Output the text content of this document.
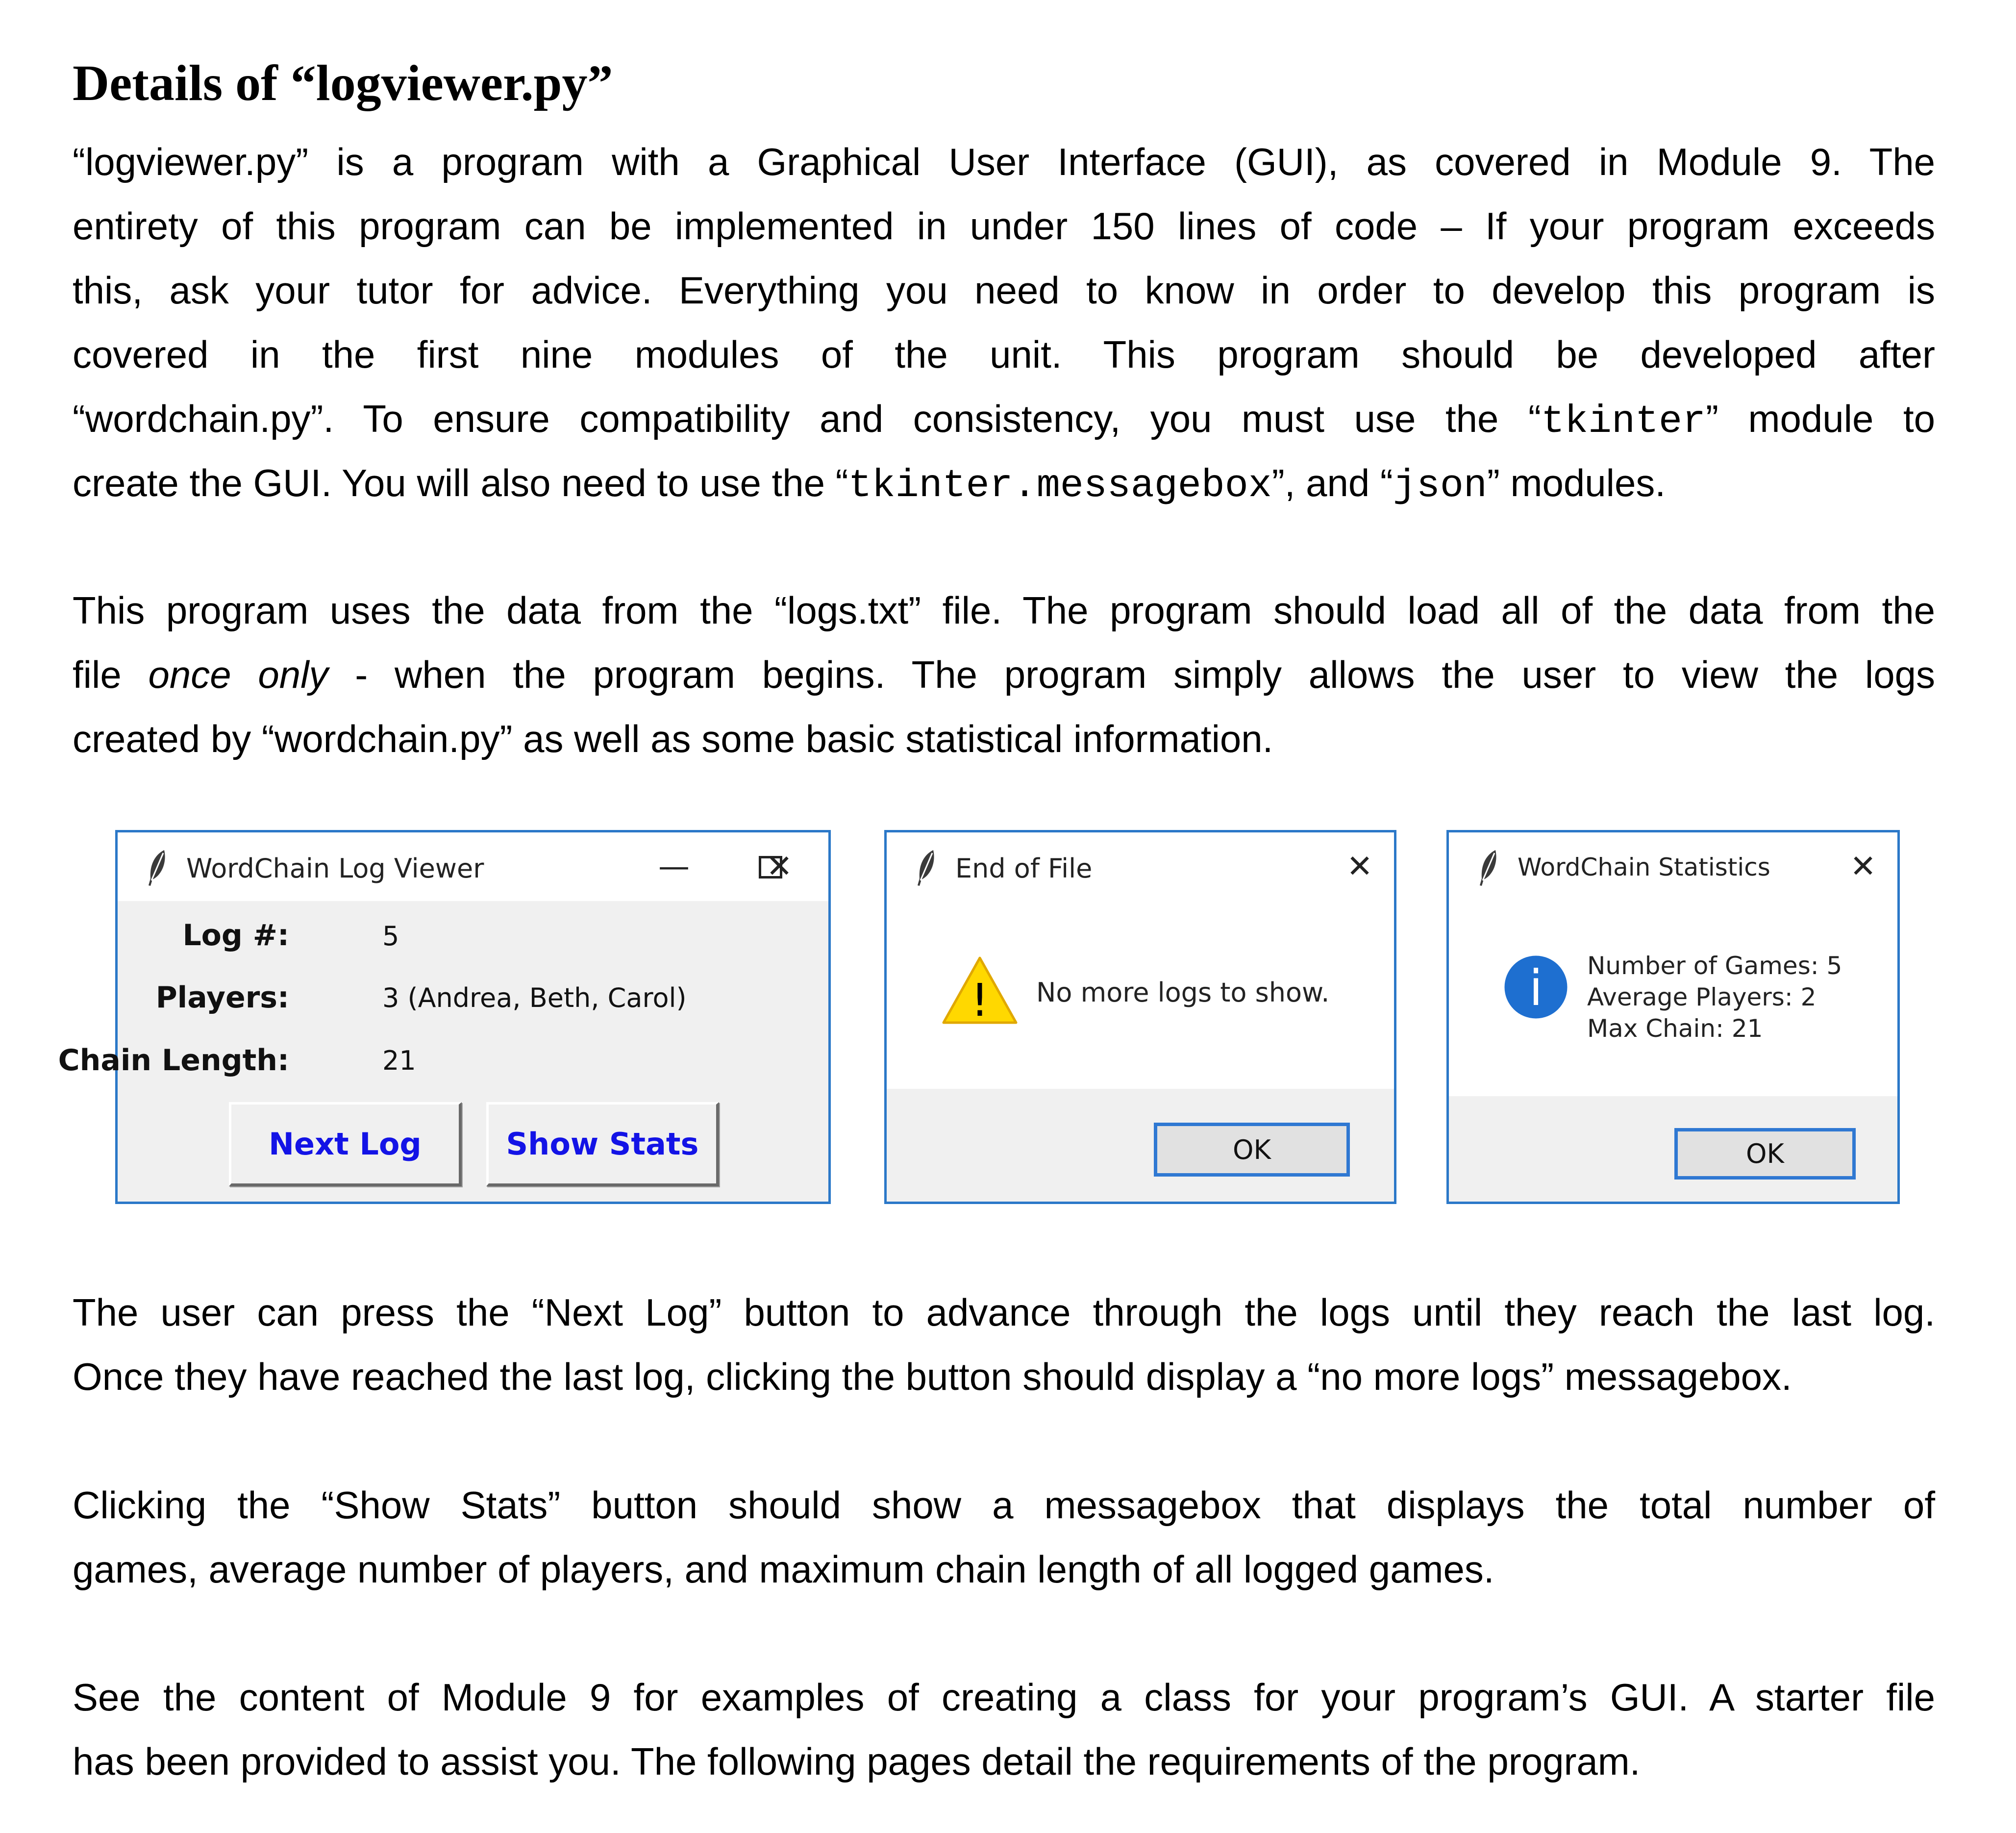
Details of “logviewer.py”
“logviewer.py” is a program with a Graphical User Interface (GUI), as covered in Module 9. The
entirety of this program can be implemented in under 150 lines of code – If your program exceeds
this, ask your tutor for advice. Everything you need to know in order to develop this program is
covered in the first nine modules of the unit. This program should be developed after
“wordchain.py”. To ensure compatibility and consistency, you must use the “tkinter” module to
create the GUI. You will also need to use the “tkinter.messagebox”, and “json” modules.
This program uses the data from the “logs.txt” file. The program should load all of the data from the
file once only - when the program begins. The program simply allows the user to view the logs
created by “wordchain.py” as well as some basic statistical information.
WordChain Log Viewer	— ✕
Log #:	5
Players:	3 (Andrea, Beth, Carol)
Chain Length:	21
Next Log	Show Stats
End of File	✕
! No more logs to show.
OK
WordChain Statistics	✕
i Number of Games: 5
Average Players: 2
Max Chain: 21
OK
The user can press the “Next Log” button to advance through the logs until they reach the last log.
Once they have reached the last log, clicking the button should display a “no more logs” messagebox.
Clicking the “Show Stats” button should show a messagebox that displays the total number of
games, average number of players, and maximum chain length of all logged games.
See the content of Module 9 for examples of creating a class for your program’s GUI. A starter file
has been provided to assist you. The following pages detail the requirements of the program.
